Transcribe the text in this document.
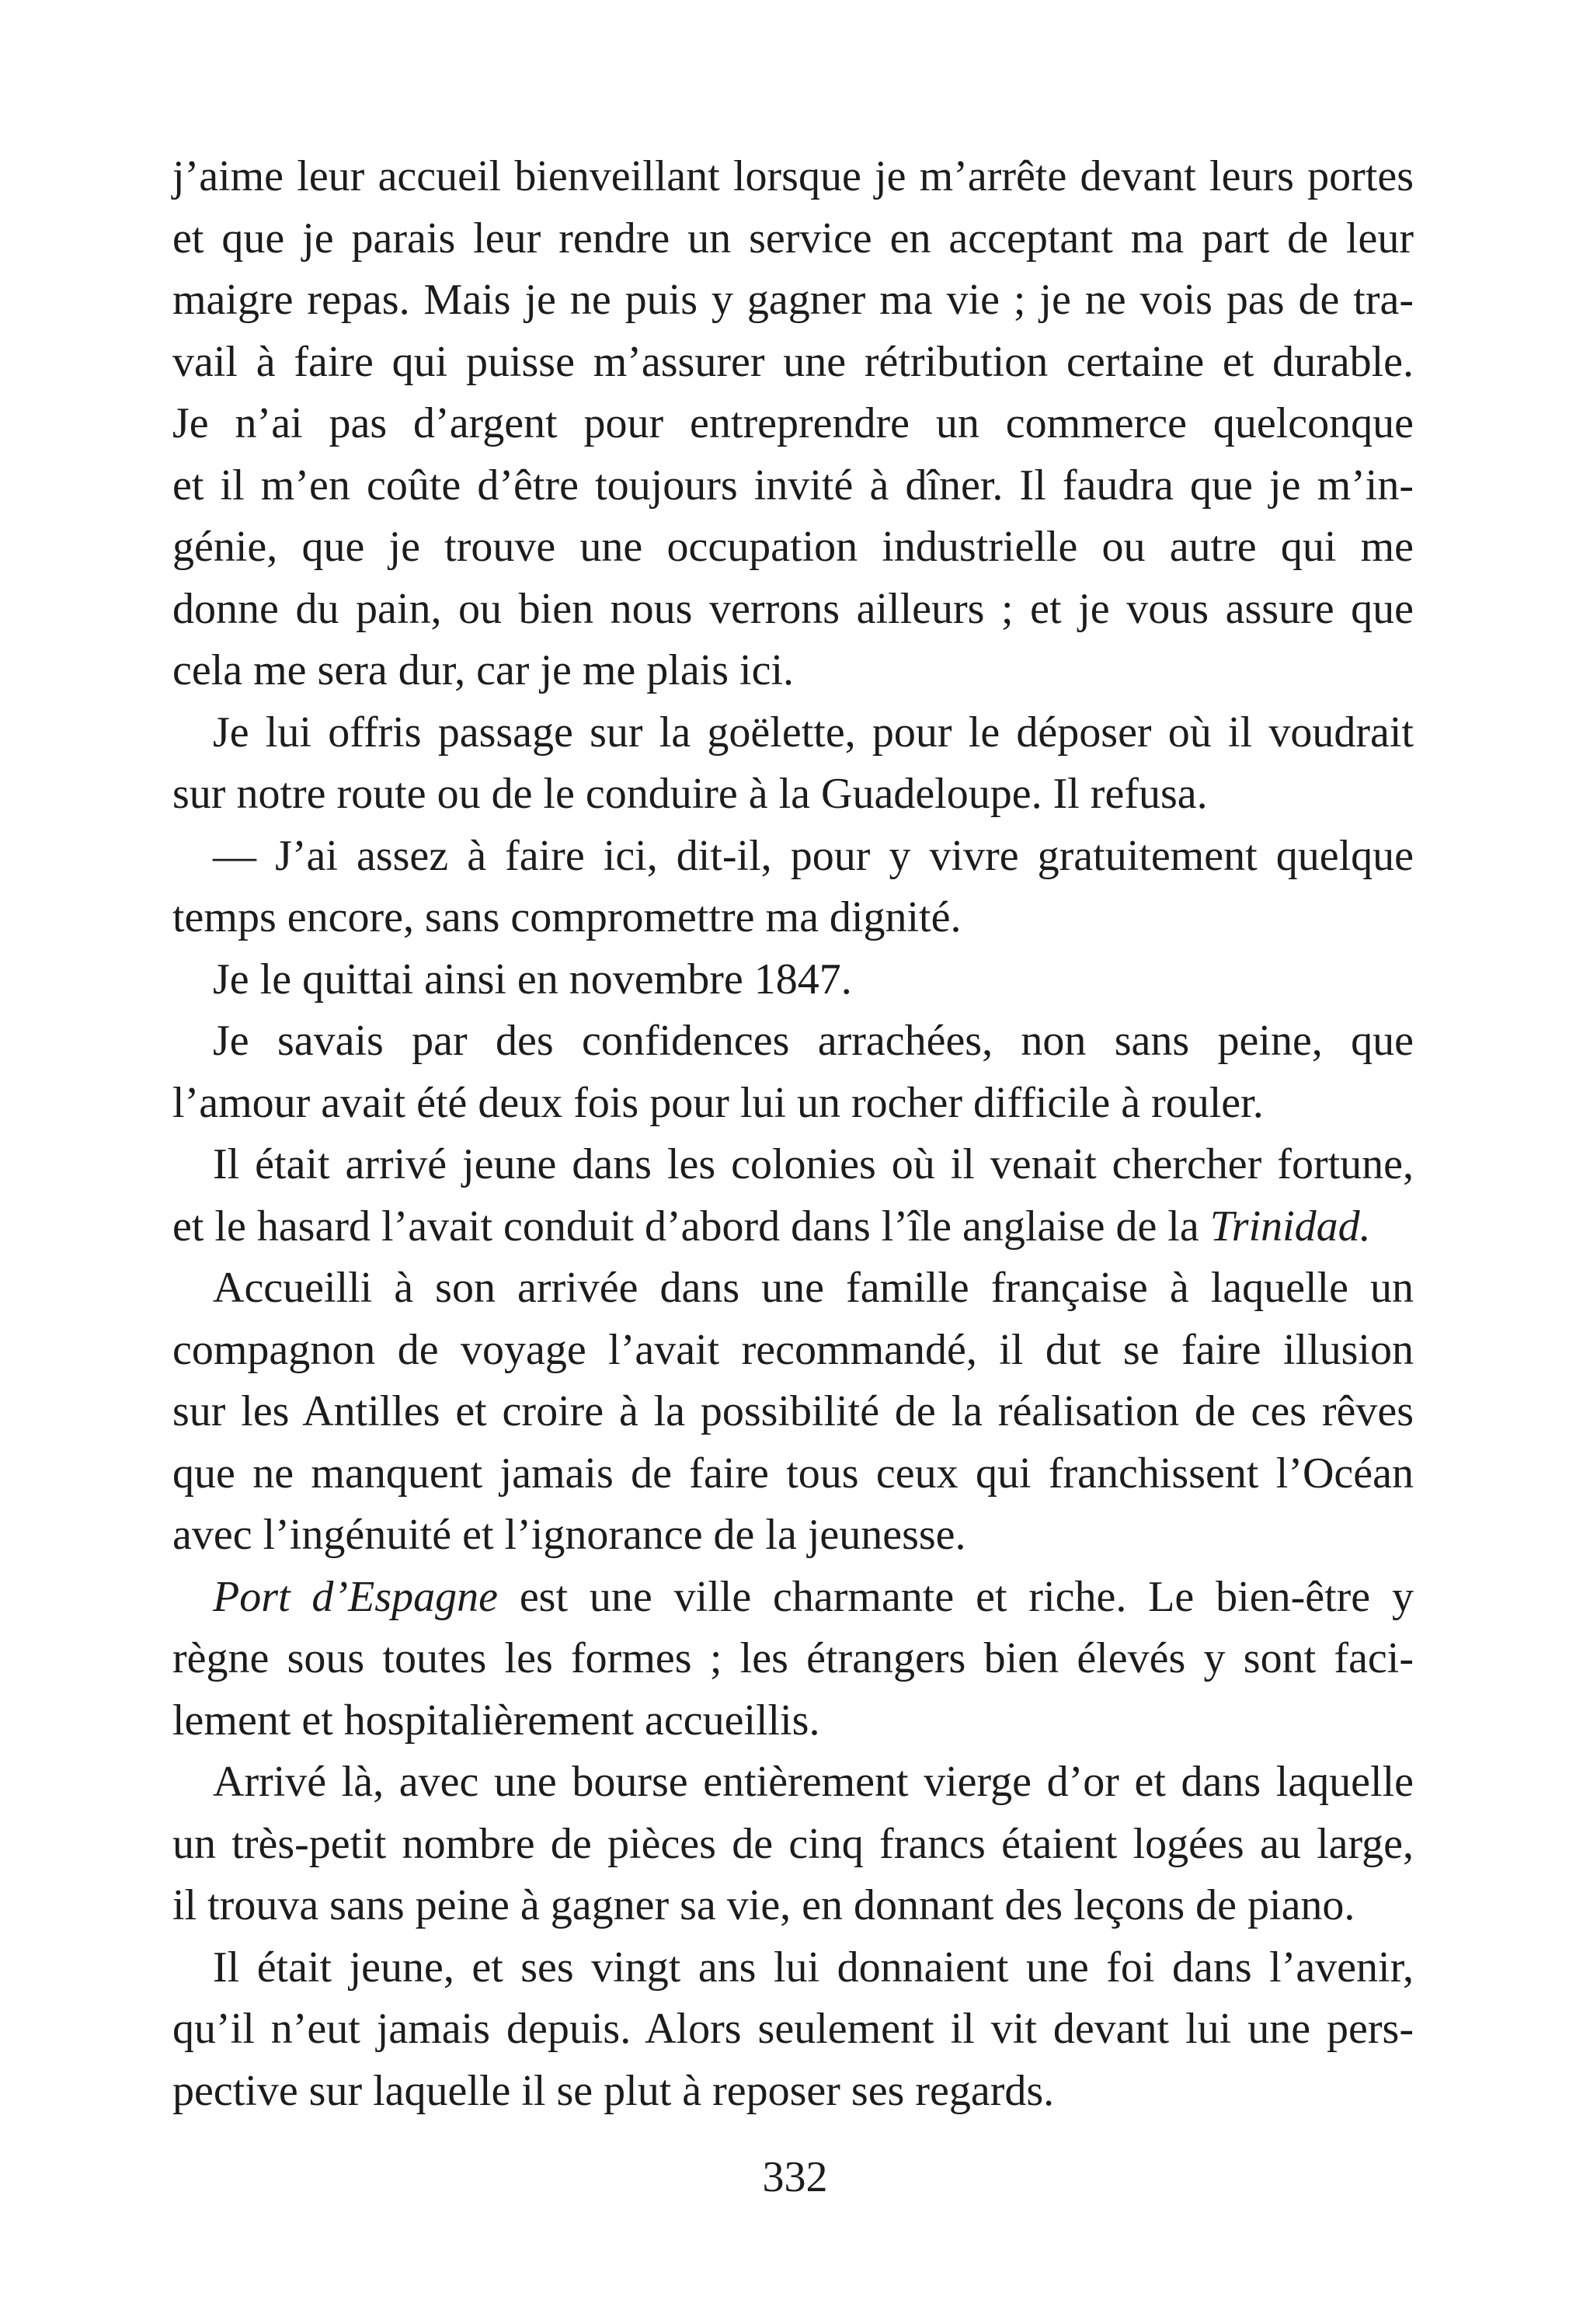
j’aime leur accueil bienveillant lorsque je m’arrête devant leurs portes
et que je parais leur rendre un service en acceptant ma part de leur
maigre repas. Mais je ne puis y gagner ma vie ; je ne vois pas de tra-
vail à faire qui puisse m’assurer une rétribution certaine et durable.
Je n’ai pas d’argent pour entreprendre un commerce quelconque
et il m’en coûte d’être toujours invité à dîner. Il faudra que je m’in-
génie, que je trouve une occupation industrielle ou autre qui me
donne du pain, ou bien nous verrons ailleurs ; et je vous assure que
cela me sera dur, car je me plais ici.
Je lui offris passage sur la goëlette, pour le déposer où il voudrait
sur notre route ou de le conduire à la Guadeloupe. Il refusa.
— J’ai assez à faire ici, dit-il, pour y vivre gratuitement quelque
temps encore, sans compromettre ma dignité.
Je le quittai ainsi en novembre 1847.
Je savais par des confidences arrachées, non sans peine, que
l’amour avait été deux fois pour lui un rocher difficile à rouler.
Il était arrivé jeune dans les colonies où il venait chercher fortune,
et le hasard l’avait conduit d’abord dans l’île anglaise de la Trinidad.
Accueilli à son arrivée dans une famille française à laquelle un
compagnon de voyage l’avait recommandé, il dut se faire illusion
sur les Antilles et croire à la possibilité de la réalisation de ces rêves
que ne manquent jamais de faire tous ceux qui franchissent l’Océan
avec l’ingénuité et l’ignorance de la jeunesse.
Port d’Espagne est une ville charmante et riche. Le bien-être y
règne sous toutes les formes ; les étrangers bien élevés y sont faci-
lement et hospitalièrement accueillis.
Arrivé là, avec une bourse entièrement vierge d’or et dans laquelle
un très-petit nombre de pièces de cinq francs étaient logées au large,
il trouva sans peine à gagner sa vie, en donnant des leçons de piano.
Il était jeune, et ses vingt ans lui donnaient une foi dans l’avenir,
qu’il n’eut jamais depuis. Alors seulement il vit devant lui une pers-
pective sur laquelle il se plut à reposer ses regards.
332
